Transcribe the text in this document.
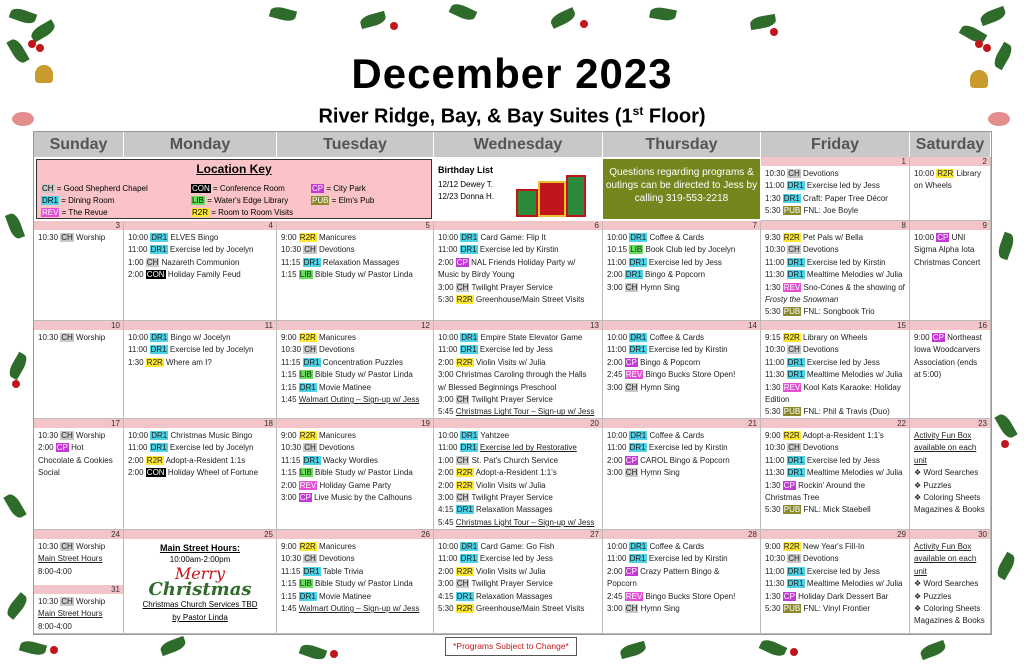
December 2023
River Ridge, Bay, & Bay Suites (1st Floor)
Location Key
CH = Good Shepherd Chapel
DR1 = Dining Room
REV = The Revue
CON = Conference Room
LIB = Water's Edge Library
R2R = Room to Room Visits
CP = City Park
PUB = Elm's Pub
Birthday List
12/12 Dewey T.
12/23 Donna H.
Questions regarding programs & outings can be directed to Jess by calling 319-553-2218
Sunday	Monday	Tuesday	Wednesday	Thursday	Friday	Saturday
1
10:30 CH Devotions
11:00 DR1 Exercise led by Jess
1:30 DR1 Craft: Paper Tree Décor
5:30 PUB FNL: Joe Boyle
2
10:00 R2R Library
on Wheels
3
10:30 CH Worship
4
10:00 DR1 ELVES Bingo
11:00 DR1 Exercise led by Jocelyn
1:00 CH Nazareth Communion
2:00 CON Holiday Family Feud
5
9:00 R2R Manicures
10:30 CH Devotions
11:15 DR1 Relaxation Massages
1:15 LIB Bible Study w/ Pastor Linda
6
10:00 DR1 Card Game: Flip It
11:00 DR1 Exercise led by Kirstin
2:00 CP NAL Friends Holiday Party w/
Music by Birdy Young
3:00 CH Twilight Prayer Service
5:30 R2R Greenhouse/Main Street Visits
7
10:00 DR1 Coffee & Cards
10:15 LIB Book Club led by Jocelyn
11:00 DR1 Exercise led by Jess
2:00 DR1 Bingo & Popcorn
3:00 CH Hymn Sing
8
9:30 R2R Pet Pals w/ Bella
10:30 CH Devotions
11:00 DR1 Exercise led by Kirstin
11:30 DR1 Mealtime Melodies w/ Julia
1:30 REV Sno-Cones & the showing of
Frosty the Snowman
5:30 PUB FNL: Songbook Trio
9
10:00 CP UNI
Sigma Alpha Iota
Christmas Concert
10
10:30 CH Worship
11
10:00 DR1 Bingo w/ Jocelyn
11:00 DR1 Exercise led by Jocelyn
1:30 R2R Where am I?
12
9:00 R2R Manicures
10:30 CH Devotions
11:15 DR1 Concentration Puzzles
1:15 LIB Bible Study w/ Pastor Linda
1:15 DR1 Movie Matinee
1:45 Walmart Outing – Sign-up w/ Jess
13
10:00 DR1 Empire State Elevator Game
11:00 DR1 Exercise led by Jess
2:00 R2R Violin Visits w/ Julia
3:00 Christmas Caroling through the Halls
w/ Blessed Beginnings Preschool
3:00 CH Twilight Prayer Service
5:45 Christmas Light Tour – Sign-up w/ Jess
14
10:00 DR1 Coffee & Cards
11:00 DR1 Exercise led by Kirstin
2:00 CP Bingo & Popcorn
2:45 REV Bingo Bucks Store Open!
3:00 CH Hymn Sing
15
9:15 R2R Library on Wheels
10:30 CH Devotions
11:00 DR1 Exercise led by Jess
11:30 DR1 Mealtime Melodies w/ Julia
1:30 REV Kool Kats Karaoke: Holiday
Edition
5:30 PUB FNL: Phil & Travis (Duo)
16
9:00 CP Northeast
Iowa Woodcarvers
Association (ends
at 5:00)
17
10:30 CH Worship
2:00 CP Hot
Chocolate & Cookies
Social
18
10:00 DR1 Christmas Music Bingo
11:00 DR1 Exercise led by Jocelyn
2:00 R2R Adopt-a-Resident 1:1s
2:00 CON Holiday Wheel of Fortune
19
9:00 R2R Manicures
10:30 CH Devotions
11:15 DR1 Wacky Wordies
1:15 LIB Bible Study w/ Pastor Linda
2:00 REV Holiday Game Party
3:00 CP Live Music by the Calhouns
20
10:00 DR1 Yahtzee
11:00 DR1 Exercise led by Restorative
1:00 CH St. Pat's Church Service
2:00 R2R Adopt-a-Resident 1:1's
2:00 R2R Violin Visits w/ Julia
3:00 CH Twilight Prayer Service
4:15 DR1 Relaxation Massages
5:45 Christmas Light Tour – Sign-up w/ Jess
21
10:00 DR1 Coffee & Cards
11:00 DR1 Exercise led by Kirstin
2:00 CP CAROL Bingo & Popcorn
3:00 CH Hymn Sing
22
9:00 R2R Adopt-a-Resident 1:1's
10:30 CH Devotions
11:00 DR1 Exercise led by Jess
11:30 DR1 Mealtime Melodies w/ Julia
1:30 CP Rockin' Around the
Christmas Tree
5:30 PUB FNL: Mick Staebell
23
Activity Fun Box
available on each
unit
❖ Word Searches
❖ Puzzles
❖ Coloring Sheets
Magazines & Books
24
10:30 CH Worship
Main Street Hours
8:00-4:00
31
10:30 CH Worship
Main Street Hours
8:00-4:00
25
Main Street Hours:
10:00am-2:00pm
Merry
Christmas
Christmas Church Services TBD
by Pastor Linda
26
9:00 R2R Manicures
10:30 CH Devotions
11:15 DR1 Table Trivia
1:15 LIB Bible Study w/ Pastor Linda
1:15 DR1 Movie Matinee
1:45 Walmart Outing – Sign-up w/ Jess
27
10:00 DR1 Card Game: Go Fish
11:00 DR1 Exercise led by Jess
2:00 R2R Violin Visits w/ Julia
3:00 CH Twilight Prayer Service
4:15 DR1 Relaxation Massages
5:30 R2R Greenhouse/Main Street Visits
28
10:00 DR1 Coffee & Cards
11:00 DR1 Exercise led by Kirstin
2:00 CP Crazy Pattern Bingo &
Popcorn
2:45 REV Bingo Bucks Store Open!
3:00 CH Hymn Sing
29
9:00 R2R New Year's Fill-In
10:30 CH Devotions
11:00 DR1 Exercise led by Jess
11:30 DR1 Mealtime Melodies w/ Julia
1:30 CP Holiday Dark Dessert Bar
5:30 PUB FNL: Vinyl Frontier
30
Activity Fun Box
available on each
unit
❖ Word Searches
❖ Puzzles
❖ Coloring Sheets
Magazines & Books
*Programs Subject to Change*
